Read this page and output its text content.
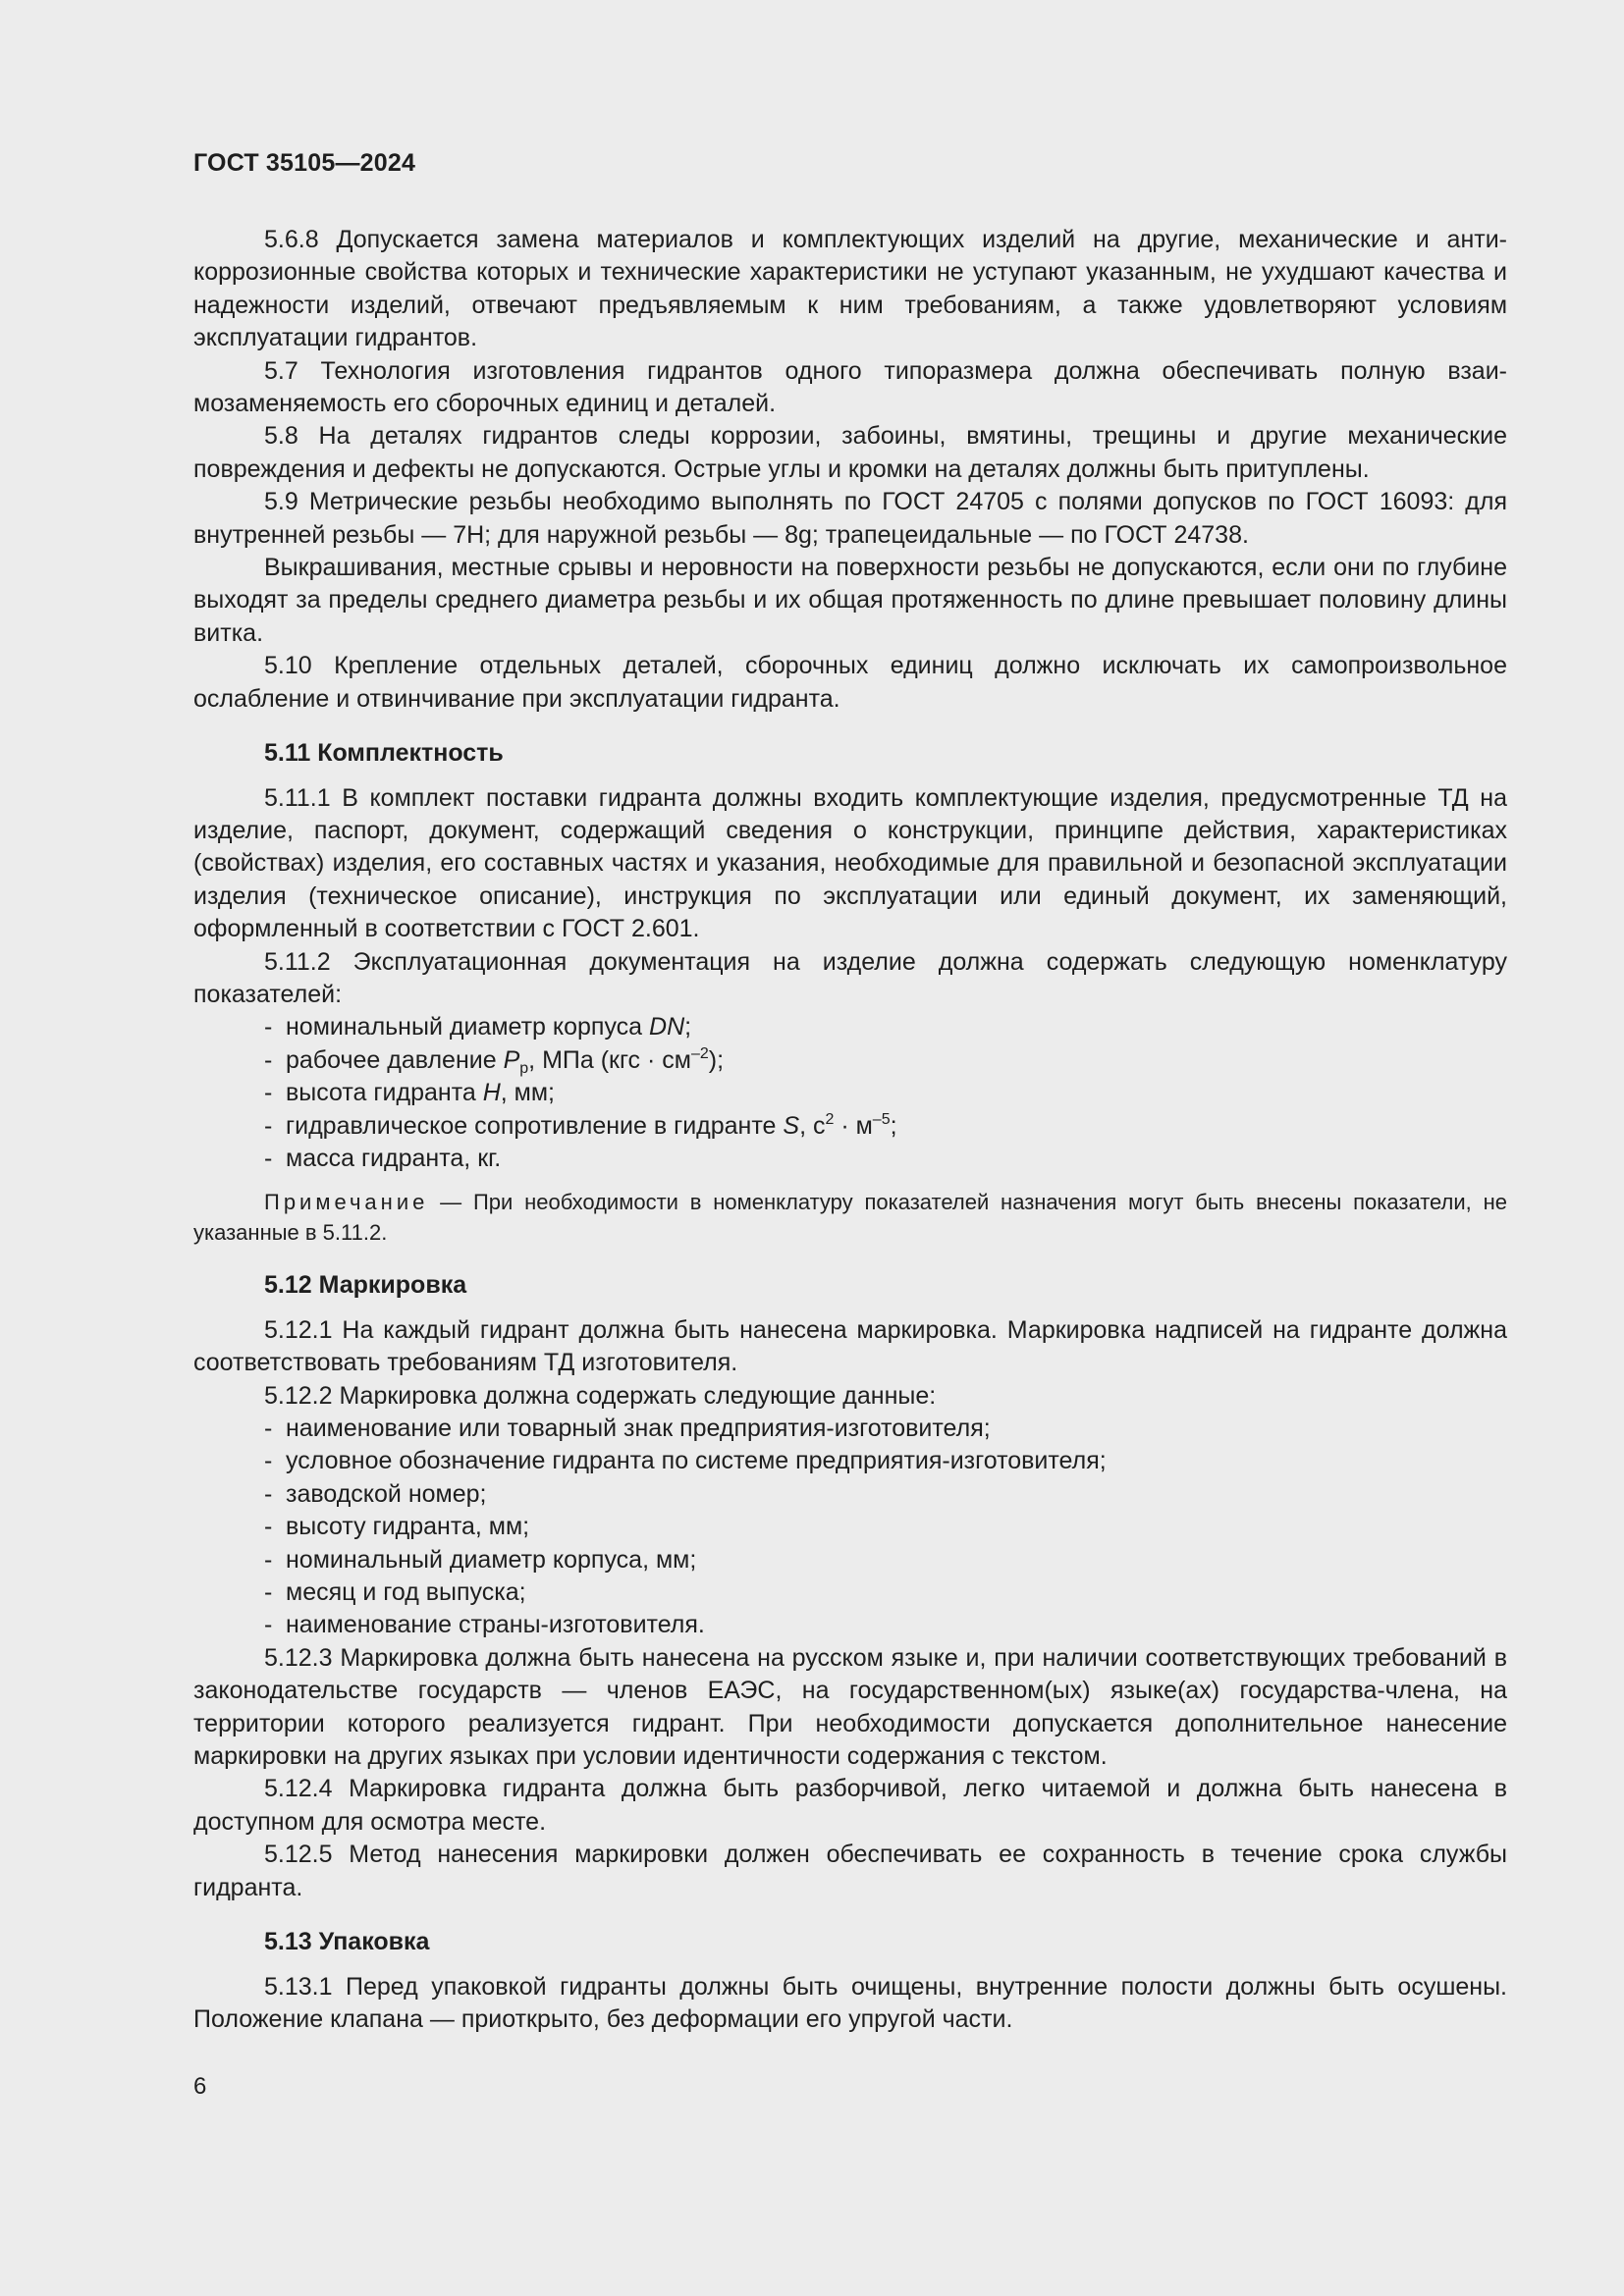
ГОСТ 35105—2024

5.6.8 Допускается замена материалов и комплектующих изделий на другие, механические и антикоррозионные свойства которых и технические характеристики не уступают указанным, не ухудшают качества и надежности изделий, отвечают предъявляемым к ним требованиям, а также удовлетворяют условиям эксплуатации гидрантов.

5.7 Технология изготовления гидрантов одного типоразмера должна обеспечивать полную взаимозаменяемость его сборочных единиц и деталей.

5.8 На деталях гидрантов следы коррозии, забоины, вмятины, трещины и другие механические повреждения и дефекты не допускаются. Острые углы и кромки на деталях должны быть притуплены.

5.9 Метрические резьбы необходимо выполнять по ГОСТ 24705 с полями допусков по ГОСТ 16093: для внутренней резьбы — 7Н; для наружной резьбы — 8g; трапецеидальные — по ГОСТ 24738.

Выкрашивания, местные срывы и неровности на поверхности резьбы не допускаются, если они по глубине выходят за пределы среднего диаметра резьбы и их общая протяженность по длине превышает половину длины витка.

5.10 Крепление отдельных деталей, сборочных единиц должно исключать их самопроизвольное ослабление и отвинчивание при эксплуатации гидранта.

5.11 Комплектность

5.11.1 В комплект поставки гидранта должны входить комплектующие изделия, предусмотренные ТД на изделие, паспорт, документ, содержащий сведения о конструкции, принципе действия, характеристиках (свойствах) изделия, его составных частях и указания, необходимые для правильной и безопасной эксплуатации изделия (техническое описание), инструкция по эксплуатации или единый документ, их заменяющий, оформленный в соответствии с ГОСТ 2.601.

5.11.2 Эксплуатационная документация на изделие должна содержать следующую номенклатуру показателей:

- номинальный диаметр корпуса DN;
- рабочее давление $P_р$, МПа $(кгс \cdot см^{-2})$;
- высота гидранта H, мм;
- гидравлическое сопротивление в гидранте S, $с^2 \cdot м^{-5}$;
- масса гидранта, кг.

Примечание — При необходимости в номенклатуру показателей назначения могут быть внесены показатели, не указанные в 5.11.2.

5.12 Маркировка

5.12.1 На каждый гидрант должна быть нанесена маркировка. Маркировка надписей на гидранте должна соответствовать требованиям ТД изготовителя.

5.12.2 Маркировка должна содержать следующие данные:

- наименование или товарный знак предприятия-изготовителя;
- условное обозначение гидранта по системе предприятия-изготовителя;
- заводской номер;
- высоту гидранта, мм;
- номинальный диаметр корпуса, мм;
- месяц и год выпуска;
- наименование страны-изготовителя.

5.12.3 Маркировка должна быть нанесена на русском языке и, при наличии соответствующих требований в законодательстве государств — членов ЕАЭС, на государственном(ых) языке(ах) государства-члена, на территории которого реализуется гидрант. При необходимости допускается дополнительное нанесение маркировки на других языках при условии идентичности содержания с текстом.

5.12.4 Маркировка гидранта должна быть разборчивой, легко читаемой и должна быть нанесена в доступном для осмотра месте.

5.12.5 Метод нанесения маркировки должен обеспечивать ее сохранность в течение срока службы гидранта.

5.13 Упаковка

5.13.1 Перед упаковкой гидранты должны быть очищены, внутренние полости должны быть осушены. Положение клапана — приоткрыто, без деформации его упругой части.

6
